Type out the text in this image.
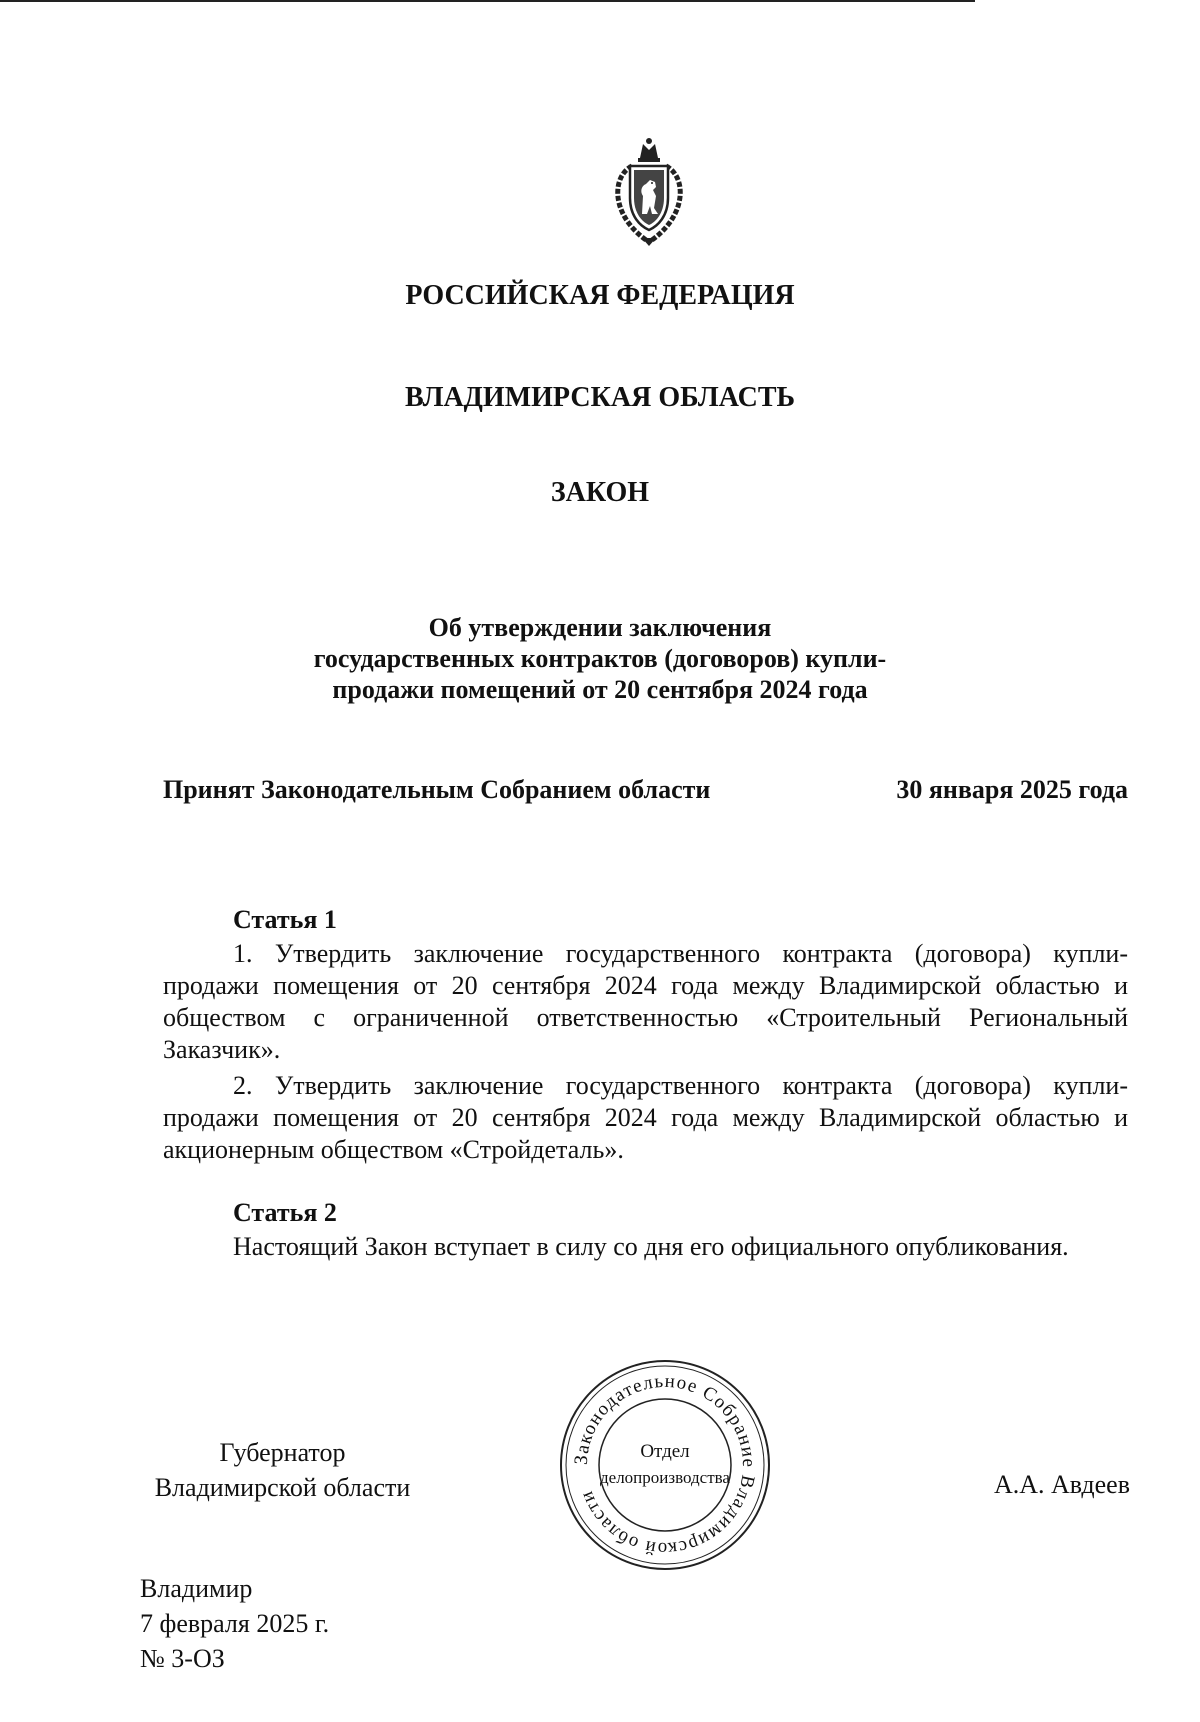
РОССИЙСКАЯ ФЕДЕРАЦИЯ
ВЛАДИМИРСКАЯ ОБЛАСТЬ
ЗАКОН
Об утверждении заключения
государственных контрактов (договоров) купли-
продажи помещений от 20 сентября 2024 года
Принят Законодательным Собранием области	30 января 2025 года
Статья 1
1. Утвердить заключение государственного контракта (договора) купли-продажи помещения от 20 сентября 2024 года между Владимирской областью и обществом с ограниченной ответственностью «Строительный Региональный Заказчик».
2. Утвердить заключение государственного контракта (договора) купли-продажи помещения от 20 сентября 2024 года между Владимирской областью и акционерным обществом «Стройдеталь».
Статья 2
Настоящий Закон вступает в силу со дня его официального опубликования.
Губернатор
Владимирской области
Законодательное Собрание Владимирской области
Отдел
делопроизводства	А.А. Авдеев
Владимир
7 февраля 2025 г.
№ 3-ОЗ
